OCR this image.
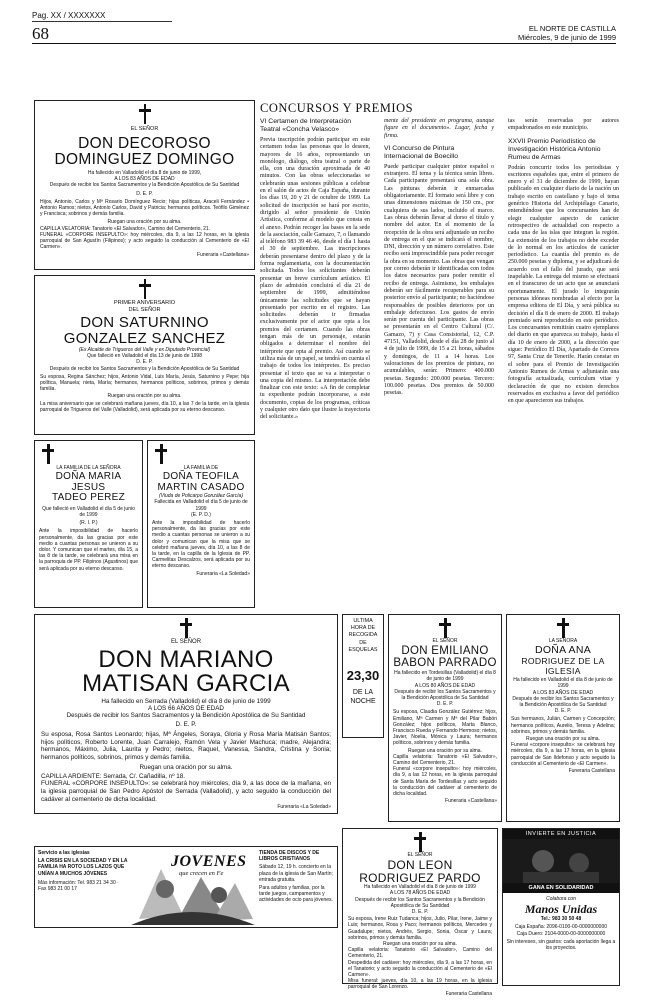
Pag. XX / XXXXXXX
68	EL NORTE DE CASTILLA
Miércoles, 9 de junio de 1999
EL SEÑOR
DON DECOROSO
DOMINGUEZ DOMINGO
Ha fallecido en Valladolid el día 8 de junio de 1999,
A LOS 83 AÑOS DE EDAD
Después de recibir los Santos Sacramentos y la Bendición Apostólica de Su Santidad
D. E. P.
Hijos, Antonio, Carlos y Mª Rosario Domínguez Recio; hijas políticas, Araceli Fernández • Antonio Ramos; nietos, Antonio Carlos, David y Patricia; hermanos políticos. Teófilo Giménez y Francisca; sobrinos y demás familia.
Ruegan una oración por su alma.
CAPILLA VELATORIA: Tanatorio «El Salvador», Camino del Cementerio, 21.
FUNERAL «CORPORE INSEPULTO»: hoy miércoles, día 9, a las 12 horas, en la iglesia parroquial de San Agustín (Filipinos); y acto seguido la conducción al Cementerio de «El Carmen».
Funeraria «Castellana»
PRIMER ANIVERSARIO
DEL SEÑOR
DON SATURNINO
GONZALEZ SANCHEZ
(Ex Alcalde de Trigueros del Valle y ex Diputado Provincial)
Que falleció en Valladolid el día 13 de junio de 1998
D. E. P.
Después de recibir los Santos Sacramentos y la Bendición Apostólica de Su Santidad
Su esposa, Regina Sánchez; hijos, Antonio Vidal, Luis María, Jesús, Saturnino y Pepe; hija política, Manuela; nieta, María; hermanos, hermanos políticos, sobrinos, primos y demás familia.
Ruegan una oración por su alma.
La misa aniversario que se celebrará mañana jueves, día 10, a las 7 de la tarde, en la iglesia parroquial de Trigueros del Valle (Valladolid), será aplicada por su eterno descanso.
LA FAMILIA DE LA SEÑORA
DOÑA MARIA JESUS
TADEO PEREZ
Que falleció en Valladolid el día 5 de junio de 1999
(R. I. P.)
Ante la imposibilidad de hacerlo personalmente, da las gracias por este medio a cuantas personas se unieron a su dolor. Y comunican que el martes, día 15, a las 8 de la tarde, se celebrará una misa en la parroquia de PP. Filipinos (Agustinos) que será aplicada por su eterno descanso.
LA FAMILIA DE
DOÑA TEOFILA
MARTIN CASADO
(Viuda de Policarpo González García)
Fallecida en Valladolid el día 5 de junio de 1999
(E. P. D.)
Ante la imposibilidad de hacerlo personalmente, da las gracias por este medio a cuantas personas se unieron a su dolor y comunican que la misa que se celebró mañana jueves, día 10, a las 8 de la tarde, en la capilla de la Iglesia de PP. Carmelitas Descalzos, será aplicada por su eterno descanso.
Funeraria «La Soledad»
CONCURSOS Y PREMIOS
VI Certamen de Interpretación Teatral «Concha Velasco»
Previa inscripción podrán participar en este certamen todas las personas que lo deseen, mayores de 16 años, representando un monólogo, diálogo, obra teatral o parte de ella, con una duración aproximada de 40 minutos. Con las obras seleccionadas se celebrarán unas sesiones públicas a celebrar en el salón de actos de Caja España, durante los días 19, 20 y 21 de octubre de 1999. La solicitud de inscripción se hará por escrito, dirigido al señor presidente de Unión Artística, conforme al modelo que consta en el anexo. Podrán recoger las bases en la sede de la asociación, calle Gamazo, 7, o llamando al teléfono 983 39 46 46, desde el día 1 hasta el 30 de septiembre. Las inscripciones deberán presentarse dentro del plazo y de la forma reglamentaria, con la documentación solicitada. Todos los solicitantes deberán presentar un breve currículum artístico. El plazo de admisión concluirá el día 21 de septiembre de 1999, admitiéndose únicamente las solicitudes que se hayan presentado por escrito en el registro. Las solicitudes deberán ir firmadas exclusivamente por el actor que opta a los premios del certamen. Cuando las obras tengan más de un personaje, estarán obligados a determinar el nombre del intérprete que opta al premio. Así cuando se utiliza más de un papel, se tendrá en cuenta el trabajo de todos los intérpretes. Es preciso presentar el texto que se va a interpretar o una copia del mismo. La interpretación debe finalizar con este texto: «A fin de completar tu expediente podrán incorporarse, a este documento, copias de los programas, críticas y cualquier otro dato que ilustre la trayectoria del solicitante.»
mente del presidente en programa, aunque figure en el documento». Lugar, fecha y firma.
VI Concurso de Pintura Internacional de Boecillo
Puede participar cualquier pintor español o extranjero. El tema y la técnica serán libres. Cada participante presentará una sola obra. Las pinturas deberán ir enmarcadas obligatoriamente. El formato será libre y con unas dimensiones máximas de 150 cm., por cualquiera de sus lados, incluido el marco. Las obras deberán llevar al dorso el título y nombre del autor. En el momento de la recepción de la obra será adjuntado un recibo de entrega en el que se indicará el nombre, DNI, dirección y un número correlativo. Este recibo será imprescindible para poder recoger la obra en su momento. Las obras que vengan por correo deberán ir identificadas con todos los datos necesarios para poder remitir el recibo de entrega. Asimismo, los embalajes deberán ser fácilmente recuperables para su posterior envío al participante; no haciéndose responsables de posibles deterioros por un embalaje defectuoso. Los gastos de envío serán por cuenta del participante. Las obras se presentarán en el Centro Cultural (C/. Gamazo, 7) y Casa Consistorial, 12, C.P. 47151, Valladolid, desde el día 28 de junio al 4 de julio de 1999, de 15 a 21 horas, sábados y domingos, de 11 a 14 horas. Los valoraciones de los premios de pintura, no acumulables, serán: Primero: 400.000 pesetas. Segundo: 200.000 pesetas. Tercero: 100.000 pesetas. Dos premios de 50.000 pesetas.
tas serán reservadas por autores empadronados en este municipio.
XXVII Premio Periodístico de Investigación Histórica Antonio Rumeu de Armas
Podrán concurrir todos los periodistas y escritores españoles que, entre el primero de enero y el 31 de diciembre de 1999, hayan publicado en cualquier diario de la nación un trabajo escrito en castellano y bajo el tema genérico Historia del Archipiélago Canario, entendiéndose que los concursantes han de elegir cualquier aspecto de carácter retrospectivo de actualidad con respecto a cada una de las islas que integran la región. La extensión de los trabajos no debe exceder de lo normal en los artículos de carácter periodístico. La cuantía del premio es de 250.000 pesetas y diploma, y se adjudicará de acuerdo con el fallo del jurado, que será inapelable. La entrega del mismo se efectuará en el transcurso de un acto que se anunciará oportunamente. El jurado lo integrarán personas idóneas nombradas al efecto por la empresa editora de El Día, y será pública su decisión el día 8 de enero de 2000. El trabajo premiado será reproducido en este periódico. Los concursantes remitirán cuatro ejemplares del diario en que aparezca su trabajo, hasta el día 10 de enero de 2000, a la dirección que sigue: Periódico El Día, Apartado de Correos 97, Santa Cruz de Tenerife. Harán constar en el sobre para el Premio de Investigación Antonio Rumeu de Armas y adjuntarán una fotografía actualizada, currículum vitae y declaración de que no existen derechos reservados en exclusiva a favor del periódico en que aparecieron sus trabajos.
EL SEÑOR
DON MARIANO
MATISAN GARCIA
Ha fallecido en Serrada (Valladolid) el día 8 de junio de 1999
A LOS 66 AÑOS DE EDAD
Después de recibir los Santos Sacramentos y la Bendición Apostólica de Su Santidad
D. E. P.
Su esposa, Rosa Santos Leonardo; hijas, Mª Ángeles, Soraya, Gloria y Rosa María Matisán Santos; hijos políticos, Roberto Lorente, Juan Carralejo, Ramón Vela y Javier Machuca; madre, Alejandra; hermanos, Máximo, Julia, Laurita y Pedro; nietos, Raquel, Vanessa, Sandra, Cristina y Sonia; hermanos políticos, sobrinos, primos y demás familia.
Ruegan una oración por su alma.
CAPILLA ARDIENTE: Serrada, C/. Cañadilla, nº 18.
FUNERAL «CORPORE INSEPULTO»: se celebrará hoy miércoles, día 9, a las doce de la mañana, en la iglesia parroquial de San Pedro Apóstol de Serrada (Valladolid), y acto seguido la conducción del cadáver al cementerio de dicha localidad.
Funeraria «La Soledad»
ULTIMA
HORA DE
RECOGIDA
DE ESQUELAS
23,30
DE LA
NOCHE
EL SEÑOR
DON EMILIANO
BABON PARRADO
Ha fallecido en Tordesillas (Valladolid) el día 8 de junio de 1999
A LOS 80 AÑOS DE EDAD
Después de recibir los Santos Sacramentos y la Bendición Apostólica de Su Santidad
D. E. P.
Su esposa, Claudia González Gutiérrez; hijos, Emiliano, Mª Carmen y Mª del Pilar Babón González; hijos políticos, Marta Blanco, Francisco Rueda y Fernando Hermoso; nietos, Javier, Noelia, Mónica y Laura; hermanos políticos, sobrinos y demás familia.
Ruegan una oración por su alma.
Capilla velatoria: Tanatorio «El Salvador», Camino del Cementerio, 21.
Funeral «corpore insepulto»: hoy miércoles, día 9, a las 12 horas, en la iglesia parroquial de Santa María de Tordesillas y acto seguido la conducción del cadáver al cementerio de dicha localidad.
Funeraria «Castellana»
LA SEÑORA
DOÑA ANA
RODRIGUEZ DE LA IGLESIA
Ha fallecido en Valladolid el día 8 de junio de 1999
A LOS 83 AÑOS DE EDAD
Después de recibir los Santos Sacramentos y la Bendición Apostólica de Su Santidad
D. E. P.
Sus hermanos, Julián, Carmen y Concepción; hermanos políticos, Aurelio, Teresa y Adelina; sobrinos, primos y demás familia.
Ruegan una oración por su alma.
Funeral «corpore insepulto»: se celebrará hoy miércoles, día 9, a las 17 horas, en la iglesia parroquial de San Ildefonso y acto seguido la conducción al Cementerio de «El Carmen».
Funeraria Castellana
EL SEÑOR
DON LEON
RODRIGUEZ PARDO
Ha fallecido en Valladolid el día 8 de junio de 1999
A LOS 78 AÑOS DE EDAD
Después de recibir los Santos Sacramentos y la Bendición Apostólica de Su Santidad
D. E. P.
Su esposa, Irene Ruiz Tudanca; hijos, Julio, Pilar, Irene, Jaime y Luis; hermanos, Rosa y Paco; hermanos políticos, Mercedes y Guadalupe; nietos, Andrés, Sergio, Sonia, Óscar y Laura; sobrinos, primos y demás familia.
Ruegan una oración por su alma.
Capilla velatoria: Tanatorio «El Salvador», Camino del Cementerio, 21.
Despedida del cadáver: hoy miércoles, día 9, a las 17 horas, en el Tanatorio; y acto seguido la conducción al Cementerio de «El Carmen».
Misa funeral: jueves, día 10, a las 19 horas, en la iglesia parroquial de San Lorenzo.
Funeraria Castellana
Servicio a las iglesias
LA CRISIS EN LA SOCIEDAD Y EN LA FAMILIA HA ROTO LOS LAZOS QUE UNÍAN A MUCHOS JÓVENES
Más información: Tel. 983 21 34 30 · Fax 983 21 00 17
JOVENES
que crecen en Fe
TIENDA DE DISCOS Y DE LIBROS CRISTIANOS
Sábado 12, 19 h. concierto en la plaza de la iglesia de San Martín; entrada gratuita.
Para adultos y familias, por la tarde juegos, campamentos y actividades de ocio para jóvenes.
INVIERTE EN JUSTICIA
GANA EN SOLIDARIDAD
Colabora con
Manos Unidas
Tel.: 983 30 50 48
Caja España: 2096-0100-00-0000000000
Caja Duero: 2104-0000-00-0000000000
Sin intereses, sin gastos: cada aportación llega a los proyectos.
